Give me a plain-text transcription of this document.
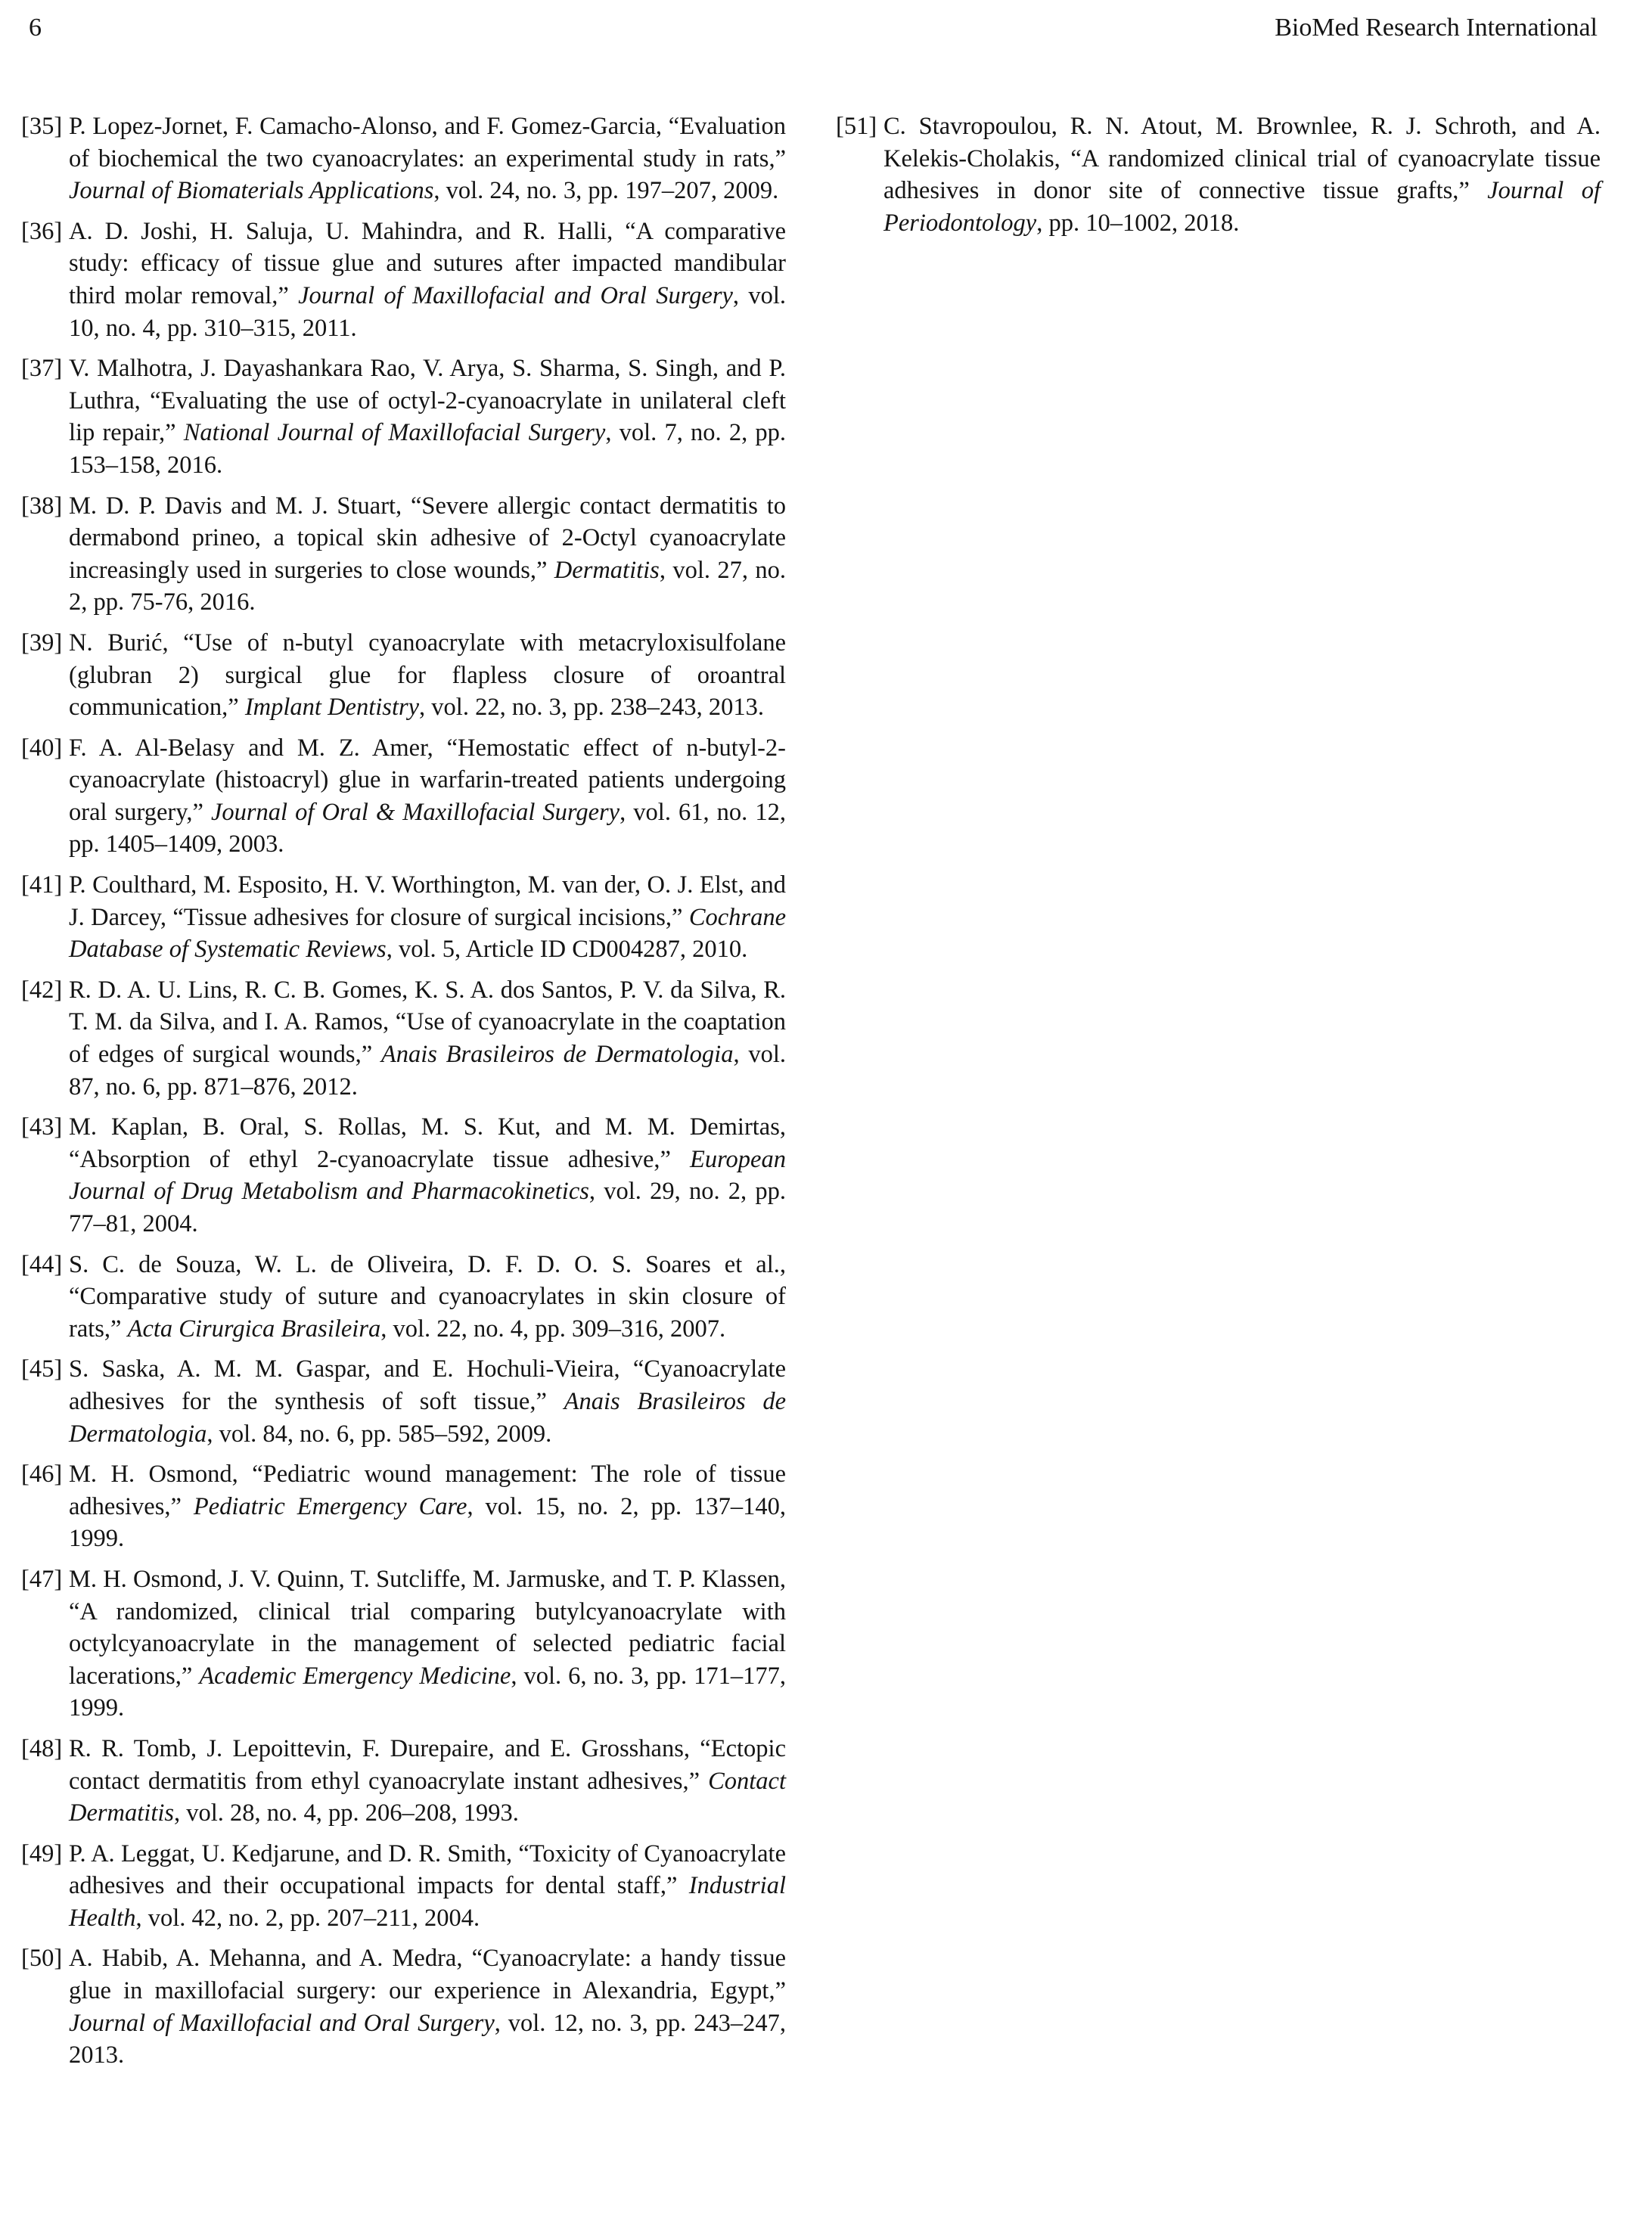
6	BioMed Research International
[35] P. Lopez-Jornet, F. Camacho-Alonso, and F. Gomez-Garcia, “Evaluation of biochemical the two cyanoacrylates: an experimental study in rats,” Journal of Biomaterials Applications, vol. 24, no. 3, pp. 197–207, 2009.
[36] A. D. Joshi, H. Saluja, U. Mahindra, and R. Halli, “A comparative study: efficacy of tissue glue and sutures after impacted mandibular third molar removal,” Journal of Maxillofacial and Oral Surgery, vol. 10, no. 4, pp. 310–315, 2011.
[37] V. Malhotra, J. Dayashankara Rao, V. Arya, S. Sharma, S. Singh, and P. Luthra, “Evaluating the use of octyl-2-cyanoacrylate in unilateral cleft lip repair,” National Journal of Maxillofacial Surgery, vol. 7, no. 2, pp. 153–158, 2016.
[38] M. D. P. Davis and M. J. Stuart, “Severe allergic contact dermatitis to dermabond prineo, a topical skin adhesive of 2-Octyl cyanoacrylate increasingly used in surgeries to close wounds,” Dermatitis, vol. 27, no. 2, pp. 75-76, 2016.
[39] N. Burić, “Use of n-butyl cyanoacrylate with metacryloxisulfolane (glubran 2) surgical glue for flapless closure of oroantral communication,” Implant Dentistry, vol. 22, no. 3, pp. 238–243, 2013.
[40] F. A. Al-Belasy and M. Z. Amer, “Hemostatic effect of n-butyl-2-cyanoacrylate (histoacryl) glue in warfarin-treated patients undergoing oral surgery,” Journal of Oral & Maxillofacial Surgery, vol. 61, no. 12, pp. 1405–1409, 2003.
[41] P. Coulthard, M. Esposito, H. V. Worthington, M. van der, O. J. Elst, and J. Darcey, “Tissue adhesives for closure of surgical incisions,” Cochrane Database of Systematic Reviews, vol. 5, Article ID CD004287, 2010.
[42] R. D. A. U. Lins, R. C. B. Gomes, K. S. A. dos Santos, P. V. da Silva, R. T. M. da Silva, and I. A. Ramos, “Use of cyanoacrylate in the coaptation of edges of surgical wounds,” Anais Brasileiros de Dermatologia, vol. 87, no. 6, pp. 871–876, 2012.
[43] M. Kaplan, B. Oral, S. Rollas, M. S. Kut, and M. M. Demirtas, “Absorption of ethyl 2-cyanoacrylate tissue adhesive,” European Journal of Drug Metabolism and Pharmacokinetics, vol. 29, no. 2, pp. 77–81, 2004.
[44] S. C. de Souza, W. L. de Oliveira, D. F. D. O. S. Soares et al., “Comparative study of suture and cyanoacrylates in skin closure of rats,” Acta Cirurgica Brasileira, vol. 22, no. 4, pp. 309–316, 2007.
[45] S. Saska, A. M. M. Gaspar, and E. Hochuli-Vieira, “Cyanoacrylate adhesives for the synthesis of soft tissue,” Anais Brasileiros de Dermatologia, vol. 84, no. 6, pp. 585–592, 2009.
[46] M. H. Osmond, “Pediatric wound management: The role of tissue adhesives,” Pediatric Emergency Care, vol. 15, no. 2, pp. 137–140, 1999.
[47] M. H. Osmond, J. V. Quinn, T. Sutcliffe, M. Jarmuske, and T. P. Klassen, “A randomized, clinical trial comparing butylcyanoacrylate with octylcyanoacrylate in the management of selected pediatric facial lacerations,” Academic Emergency Medicine, vol. 6, no. 3, pp. 171–177, 1999.
[48] R. R. Tomb, J. Lepoittevin, F. Durepaire, and E. Grosshans, “Ectopic contact dermatitis from ethyl cyanoacrylate instant adhesives,” Contact Dermatitis, vol. 28, no. 4, pp. 206–208, 1993.
[49] P. A. Leggat, U. Kedjarune, and D. R. Smith, “Toxicity of Cyanoacrylate adhesives and their occupational impacts for dental staff,” Industrial Health, vol. 42, no. 2, pp. 207–211, 2004.
[50] A. Habib, A. Mehanna, and A. Medra, “Cyanoacrylate: a handy tissue glue in maxillofacial surgery: our experience in Alexandria, Egypt,” Journal of Maxillofacial and Oral Surgery, vol. 12, no. 3, pp. 243–247, 2013.
[51] C. Stavropoulou, R. N. Atout, M. Brownlee, R. J. Schroth, and A. Kelekis-Cholakis, “A randomized clinical trial of cyanoacrylate tissue adhesives in donor site of connective tissue grafts,” Journal of Periodontology, pp. 10–1002, 2018.
